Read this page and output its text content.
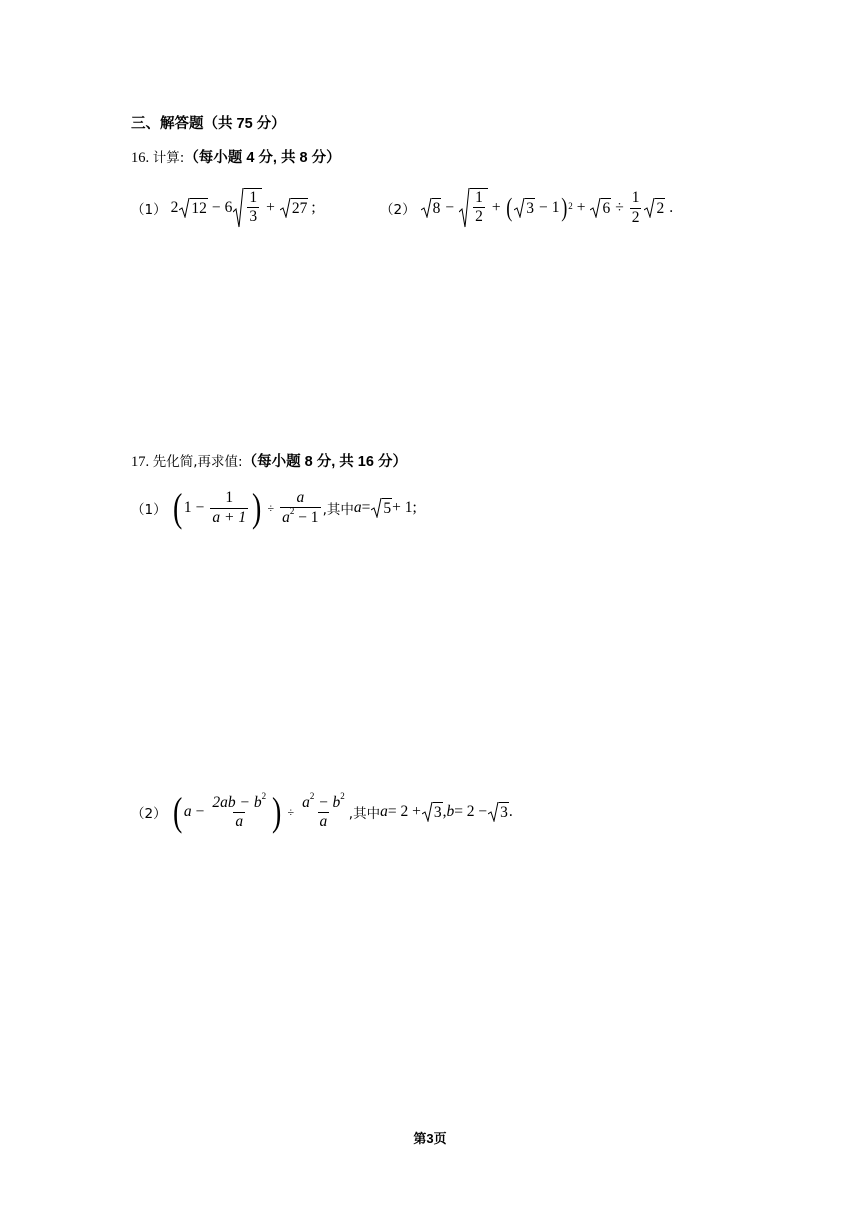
三、解答题（共 75 分）
16. 计算:（每小题 4 分, 共 8 分）
（1） 2 $12 - 6 \frac{1}{3} + 27$ ;	（2） $8 - \frac{1}{2}$ + ( 3 − 1 ) $2 + 6 \div \frac{1}{2} 2$ .
17. 先化简,再求值:（每小题 8 分, 共 16 分）
（1） ( $1 - \frac{1}{a + 1}$ ) ÷ $\frac{a}{a^2 - 1}$ ,其中 a = 5 + 1;
（2） ( $a - \frac{2ab - b^2}{a}$ ) ÷ $\frac{a^2 - b^2}{a}$ ,其中 a = 2 + 3 , b = 2 − 3 .
第3页
